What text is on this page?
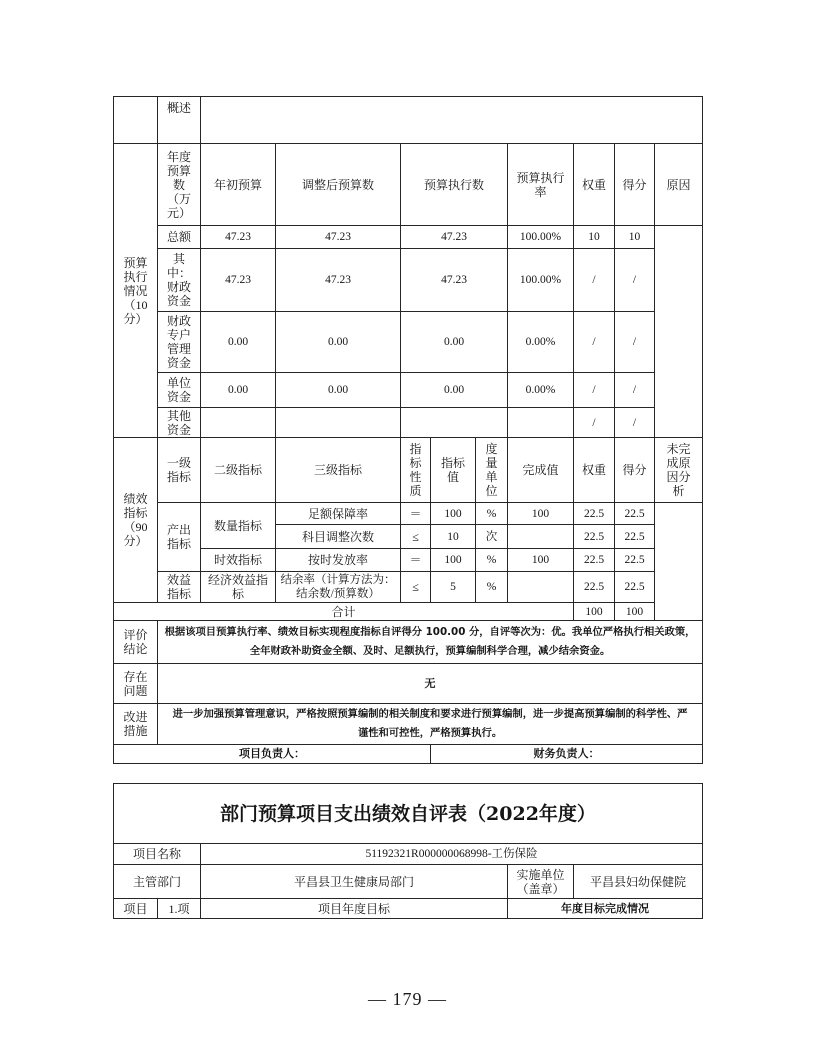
	概述									
预算执行情况（10分）	年度预算数（万元）	年初预算	调整后预算数	预算执行数			预算执行率	权重	得分	原因
	总额	47.23	47.23	47.23			100.00%	10	10	
	其中：财政资金	47.23	47.23	47.23			100.00%	/	/	
	财政专户管理资金	0.00	0.00	0.00			0.00%	/	/	
	单位资金	0.00	0.00	0.00			0.00%	/	/	
	其他资金							/	/	
绩效指标（90分）	一级指标	二级指标	三级指标	指标性质	指标值	度量单位	完成值	权重	得分	未完成原因分析
	产出指标	数量指标	足额保障率	＝	100	%	100	22.5	22.5	
			科目调整次数	≤	10	次		22.5	22.5	
		时效指标	按时发放率	＝	100	%	100	22.5	22.5	
	效益指标	经济效益指标	结余率（计算方法为：结余数/预算数）	≤	5	%		22.5	22.5	
合计								100	100	
评价结论	根据该项目预算执行率、绩效目标实现程度指标自评得分 100.00 分，自评等次为：优。我单位严格执行相关政策，
全年财政补助资金全额、及时、足额执行，预算编制科学合理，减少结余资金。									

存在问题	无									
改进措施	进一步加强预算管理意识，严格按照预算编制的相关制度和要求进行预算编制，进一步提高预算编制的科学性、严
谨性和可控性，严格预算执行。									

项目负责人：					财务负责人：					
部门预算项目支出绩效自评表（2022年度）				
项目名称		51192321R000000068998-工伤保险		
主管部门		平昌县卫生健康局部门	实施单位（盖章）	平昌县妇幼保健院
项目	1.项	项目年度目标	年度目标完成情况	
— 179 —
